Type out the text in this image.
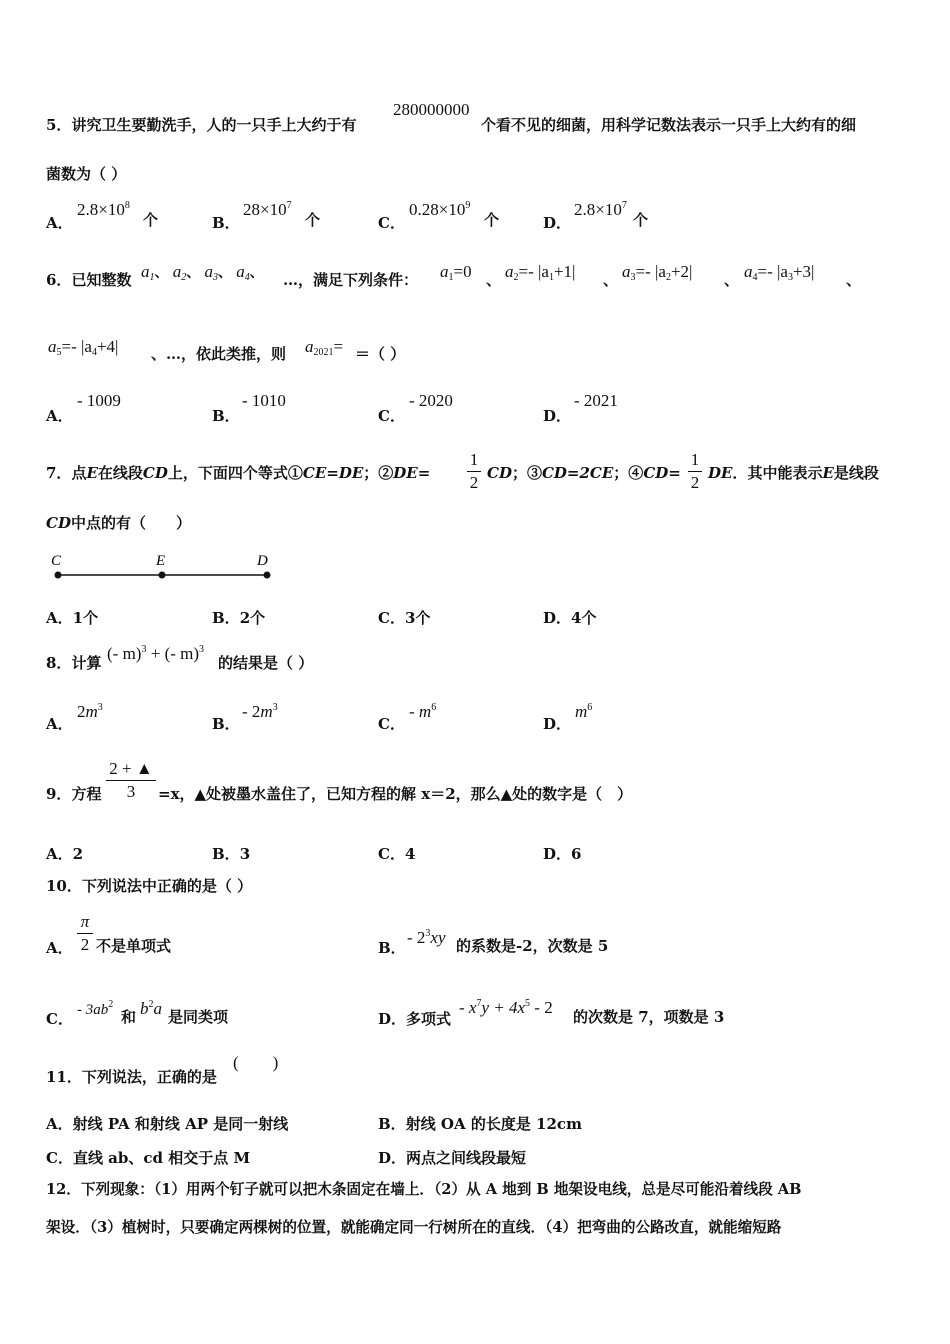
5．讲究卫生要勤洗手，人的一只手上大约于有
280000000
个看不见的细菌，用科学记数法表示一只手上大约有的细
菌数为（ ）
A．
$2.8\times 10^8$
个	B．
$28\times 10^7$
个	C．
$0.28\times 10^9$
个	D．
$2.8\times 10^7$
个
6．已知整数 $a_1$、 $a_2$、 $a_3$、 $a_4$、 …，满足下列条件： $a_1=0$ 、 $a_2=-$ $|a_1+1|$ 、 $a_3=-$ $|a_2+2|$ 、 $a_4=-$ $|a_3+3|$ 、
$a_5=-$ $|a_4+4|$ 、…，依此类推，则 $a_{2021}=$ ＝（ ）
A．
- 1009
B．
- 1010
C．
- 2020
D．
- 2021
7．点E在线段CD上，下面四个等式①CE=DE；②DE=
1
2 CD；③CD=2CE；④CD=
1
2 DE．其中能表示E是线段
CD中点的有（　　）
C	E	D
A．1个	B．2个	C．3个	D．4个
8．计算 (- m)$^3$ + (- m)$^3$
的结果是（ ）
A．
$2m^3$
B．
- $2m^3$
C．
- $m^6$
D．
$m^6$
9．方程
2 + ▲
3	=x，▲处被墨水盖住了，已知方程的解 x＝2，那么▲处的数字是（　）
A．2	B．3	C．4	D．6
10．下列说法中正确的是（ ）
A．
π
2 不是单项式	B．
- $2^3xy$ 的系数是-2，次数是 5
C． - $3ab^2$
和 $b^2a$ 是同类项	D．多项式
- $x^7y + 4x^5 - 2$ 的次数是 7，项数是 3
11．下列说法，正确的是
(　　)
A．射线 PA 和射线 AP 是同一射线	B．射线 OA 的长度是 12cm
C．直线 ab、cd 相交于点 M	D．两点之间线段最短
12．下列现象：（1）用两个钉子就可以把木条固定在墙上．（2）从 A 地到 B 地架设电线，总是尽可能沿着线段 AB
架设．（3）植树时，只要确定两棵树的位置，就能确定同一行树所在的直线．（4）把弯曲的公路改直，就能缩短路
